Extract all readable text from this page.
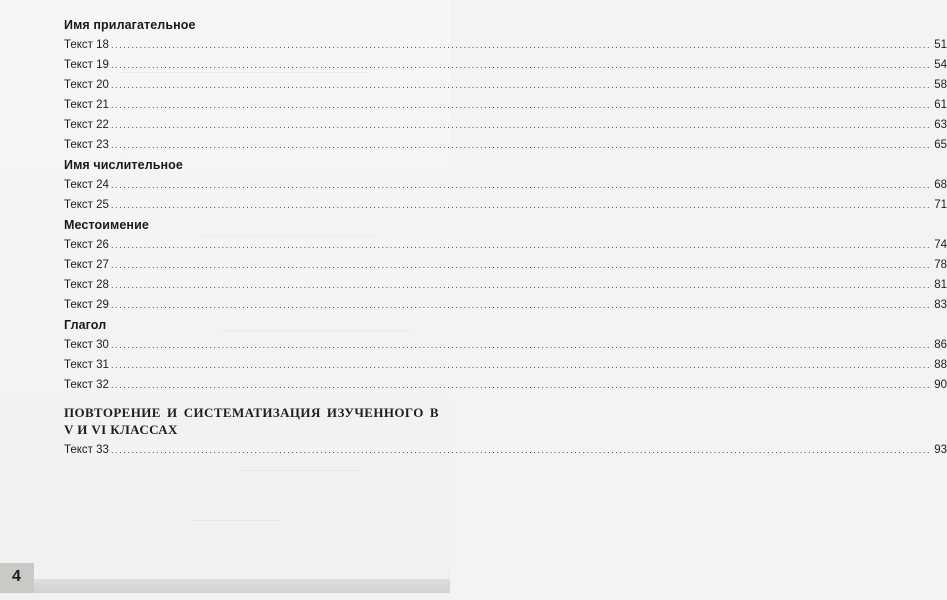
Имя прилагательное
Текст 18 ........................................................................................................................................................................................................ 51
Текст 19 ........................................................................................................................................................................................................ 54
Текст 20 ........................................................................................................................................................................................................ 58
Текст 21 ........................................................................................................................................................................................................ 61
Текст 22 ........................................................................................................................................................................................................ 63
Текст 23 ........................................................................................................................................................................................................ 65
Имя числительное
Текст 24 ........................................................................................................................................................................................................ 68
Текст 25 ........................................................................................................................................................................................................ 71
Местоимение
Текст 26 ........................................................................................................................................................................................................ 74
Текст 27 ........................................................................................................................................................................................................ 78
Текст 28 ........................................................................................................................................................................................................ 81
Текст 29 ........................................................................................................................................................................................................ 83
Глагол
Текст 30 ........................................................................................................................................................................................................ 86
Текст 31 ........................................................................................................................................................................................................ 88
Текст 32 ........................................................................................................................................................................................................ 90
ПОВТОРЕНИЕ И СИСТЕМАТИЗАЦИЯ ИЗУЧЕННОГО В V И VI КЛАССАХ
Текст 33 ........................................................................................................................................................................................................ 93
4
